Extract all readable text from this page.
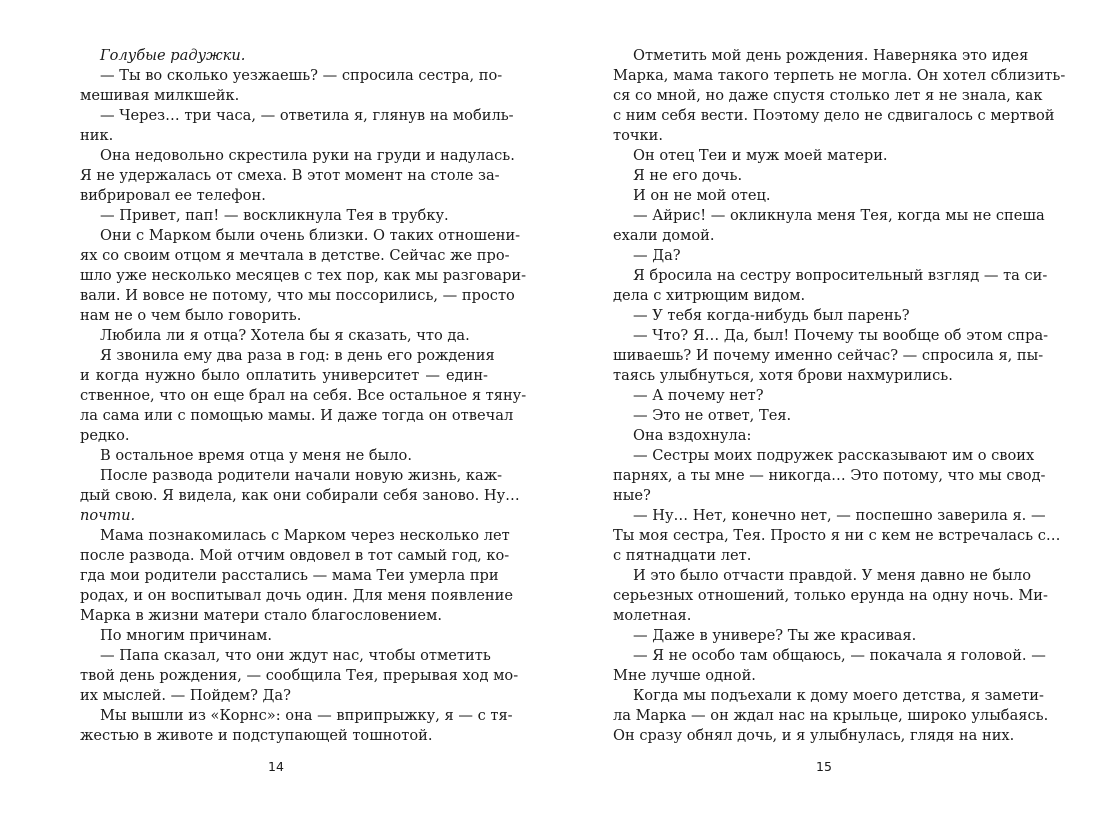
Голубые радужки.
— Ты во сколько уезжаешь? — спросила сестра, по-
мешивая милкшейк.
— Через… три часа, — ответила я, глянув на мобиль-
ник.
Она недовольно скрестила руки на груди и надулась.
Я не удержалась от смеха. В этот момент на столе за-
вибрировал ее телефон.
— Привет, пап! — воскликнула Тея в трубку.
Они с Марком были очень близки. О таких отношени-
ях со своим отцом я мечтала в детстве. Сейчас же про-
шло уже несколько месяцев с тех пор, как мы разговари-
вали. И вовсе не потому, что мы поссорились, — просто
нам не о чем было говорить.
Любила ли я отца? Хотела бы я сказать, что да.
Я звонила ему два раза в год: в день его рождения
и когда нужно было оплатить университет — един-
ственное, что он еще брал на себя. Все остальное я тяну-
ла сама или с помощью мамы. И даже тогда он отвечал
редко.
В остальное время отца у меня не было.
После развода родители начали новую жизнь, каж-
дый свою. Я видела, как они собирали себя заново. Ну…
почти.
Мама познакомилась с Марком через несколько лет
после развода. Мой отчим овдовел в тот самый год, ко-
гда мои родители расстались — мама Теи умерла при
родах, и он воспитывал дочь один. Для меня появление
Марка в жизни матери стало благословением.
По многим причинам.
— Папа сказал, что они ждут нас, чтобы отметить
твой день рождения, — сообщила Тея, прерывая ход мо-
их мыслей. — Пойдем? Да?
Мы вышли из «Корнс»: она — вприпрыжку, я — с тя-
жестью в животе и подступающей тошнотой.
Отметить мой день рождения. Наверняка это идея
Марка, мама такого терпеть не могла. Он хотел сблизить-
ся со мной, но даже спустя столько лет я не знала, как
с ним себя вести. Поэтому дело не сдвигалось с мертвой
точки.
Он отец Теи и муж моей матери.
Я не его дочь.
И он не мой отец.
— Айрис! — окликнула меня Тея, когда мы не спеша
ехали домой.
— Да?
Я бросила на сестру вопросительный взгляд — та си-
дела с хитрющим видом.
— У тебя когда-нибудь был парень?
— Что? Я… Да, был! Почему ты вообще об этом спра-
шиваешь? И почему именно сейчас? — спросила я, пы-
таясь улыбнуться, хотя брови нахмурились.
— А почему нет?
— Это не ответ, Тея.
Она вздохнула:
— Сестры моих подружек рассказывают им о своих
парнях, а ты мне — никогда… Это потому, что мы свод-
ные?
— Ну… Нет, конечно нет, — поспешно заверила я. —
Ты моя сестра, Тея. Просто я ни с кем не встречалась с…
с пятнадцати лет.
И это было отчасти правдой. У меня давно не было
серьезных отношений, только ерунда на одну ночь. Ми-
молетная.
— Даже в универе? Ты же красивая.
— Я не особо там общаюсь, — покачала я головой. —
Мне лучше одной.
Когда мы подъехали к дому моего детства, я замети-
ла Марка — он ждал нас на крыльце, широко улыбаясь.
Он сразу обнял дочь, и я улыбнулась, глядя на них.
14	15
